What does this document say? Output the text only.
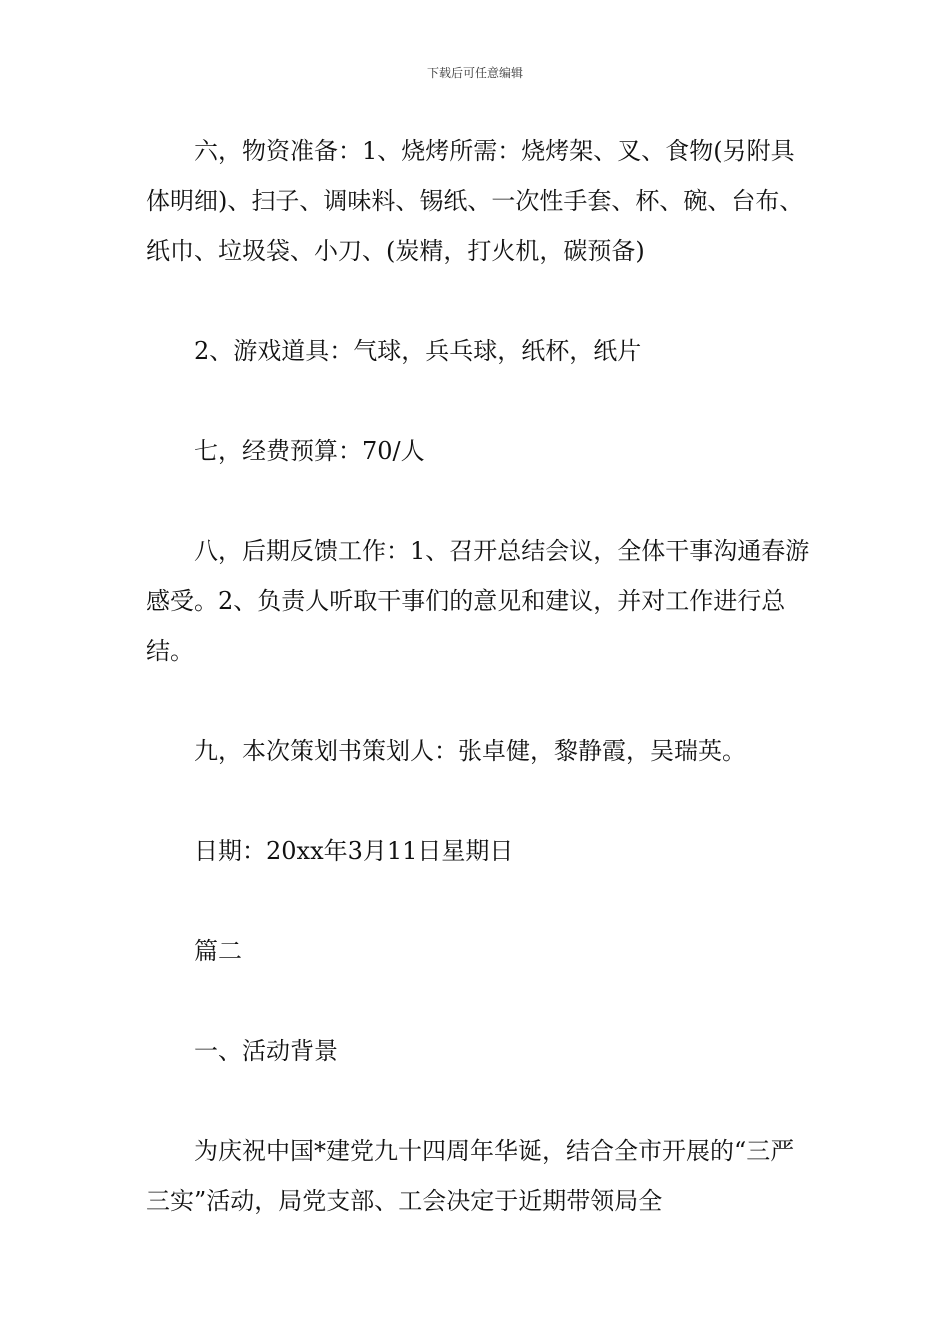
下载后可任意编辑

六，物资准备：1、烧烤所需：烧烤架、叉、食物(另附具体明细)、扫子、调味料、锡纸、一次性手套、杯、碗、台布、纸巾、垃圾袋、小刀、(炭精，打火机，碳预备)

2、游戏道具：气球，兵乓球，纸杯，纸片

七，经费预算：70/人

八，后期反馈工作：1、召开总结会议，全体干事沟通春游感受。2、负责人听取干事们的意见和建议，并对工作进行总结。

九，本次策划书策划人：张卓健，黎静霞，吴瑞英。

日期：20xx年3月11日星期日

篇二

一、活动背景

为庆祝中国*建党九十四周年华诞，结合全市开展的“三严三实”活动，局党支部、工会决定于近期带领局全
